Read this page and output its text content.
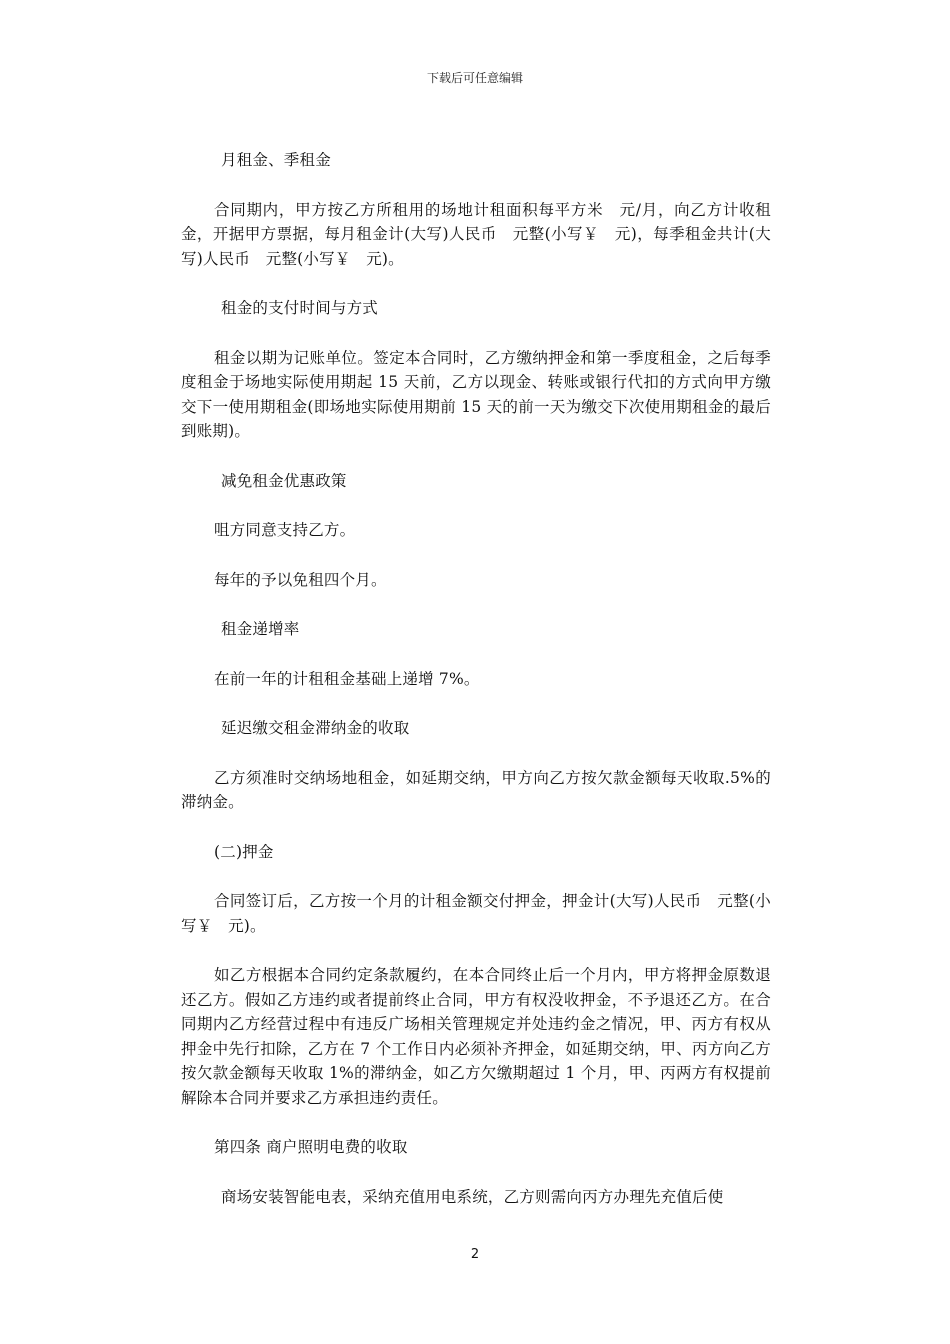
下载后可任意编辑

月租金、季租金

合同期内，甲方按乙方所租用的场地计租面积每平方米　元/月，向乙方计收租金，开据甲方票据，每月租金计(大写)人民币　元整(小写￥　元)，每季租金共计(大写)人民币　元整(小写￥　元)。

租金的支付时间与方式

租金以期为记账单位。签定本合同时，乙方缴纳押金和第一季度租金，之后每季度租金于场地实际使用期起 15 天前，乙方以现金、转账或银行代扣的方式向甲方缴交下一使用期租金(即场地实际使用期前 15 天的前一天为缴交下次使用期租金的最后到账期)。

减免租金优惠政策

咀方同意支持乙方。

每年的予以免租四个月。

租金递增率

在前一年的计租租金基础上递增 7%。

延迟缴交租金滞纳金的收取

乙方须准时交纳场地租金，如延期交纳，甲方向乙方按欠款金额每天收取.5%的滞纳金。

(二)押金

合同签订后，乙方按一个月的计租金额交付押金，押金计(大写)人民币　元整(小写￥　元)。

如乙方根据本合同约定条款履约，在本合同终止后一个月内，甲方将押金原数退还乙方。假如乙方违约或者提前终止合同，甲方有权没收押金，不予退还乙方。在合同期内乙方经营过程中有违反广场相关管理规定并处违约金之情况，甲、丙方有权从押金中先行扣除，乙方在 7 个工作日内必须补齐押金，如延期交纳，甲、丙方向乙方按欠款金额每天收取 1%的滞纳金，如乙方欠缴期超过 1 个月，甲、丙两方有权提前解除本合同并要求乙方承担违约责任。

第四条 商户照明电费的收取

商场安装智能电表，采纳充值用电系统，乙方则需向丙方办理先充值后使

2
